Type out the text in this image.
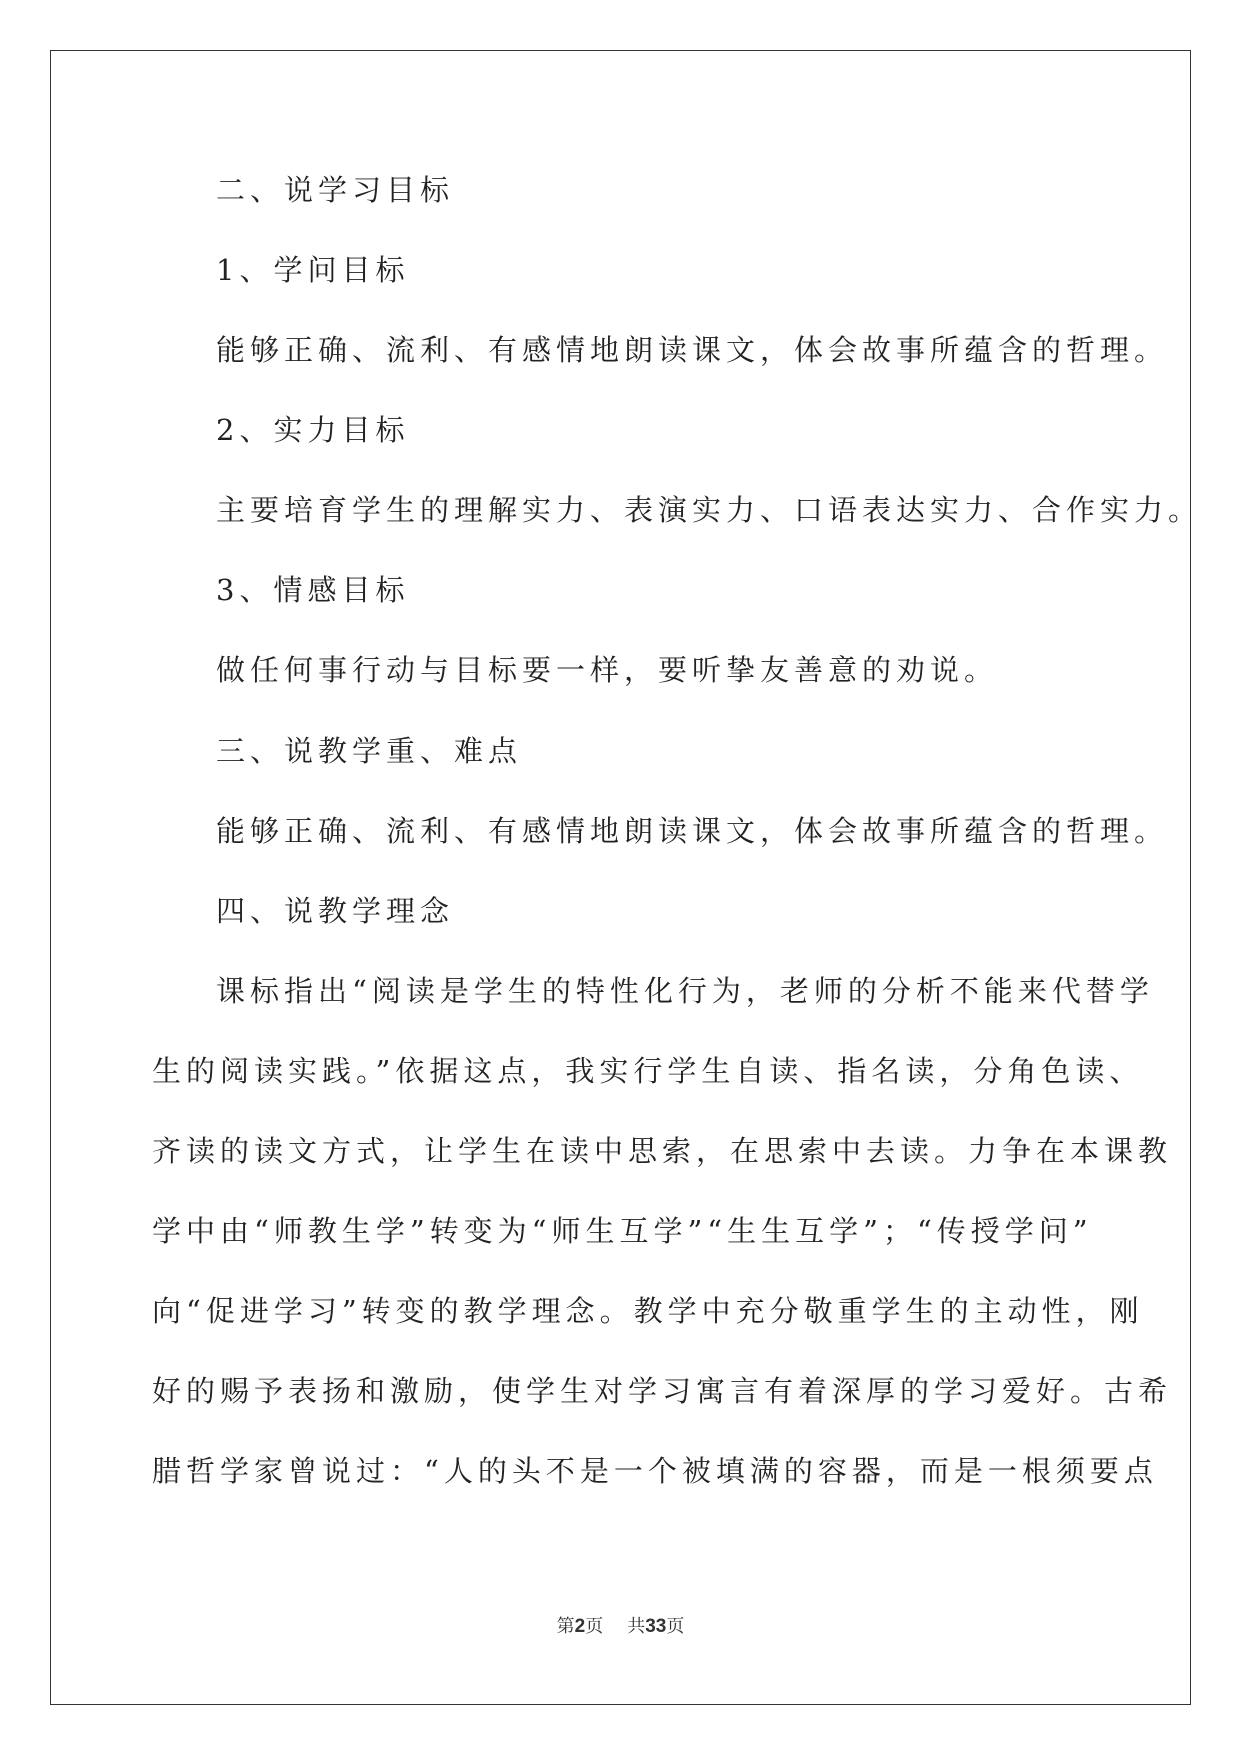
二、说学习目标
1、学问目标
能够正确、流利、有感情地朗读课文，体会故事所蕴含的哲理。
2、实力目标
主要培育学生的理解实力、表演实力、口语表达实力、合作实力。
3、情感目标
做任何事行动与目标要一样，要听挚友善意的劝说。
三、说教学重、难点
能够正确、流利、有感情地朗读课文，体会故事所蕴含的哲理。
四、说教学理念
课标指出“阅读是学生的特性化行为，老师的分析不能来代替学
生的阅读实践。”依据这点，我实行学生自读、指名读，分角色读、
齐读的读文方式，让学生在读中思索，在思索中去读。力争在本课教
学中由“师教生学”转变为“师生互学”“生生互学”；“传授学问”
向“促进学习”转变的教学理念。教学中充分敬重学生的主动性，刚
好的赐予表扬和激励，使学生对学习寓言有着深厚的学习爱好。古希
腊哲学家曾说过：“人的头不是一个被填满的容器，而是一根须要点
第2页 共33页
